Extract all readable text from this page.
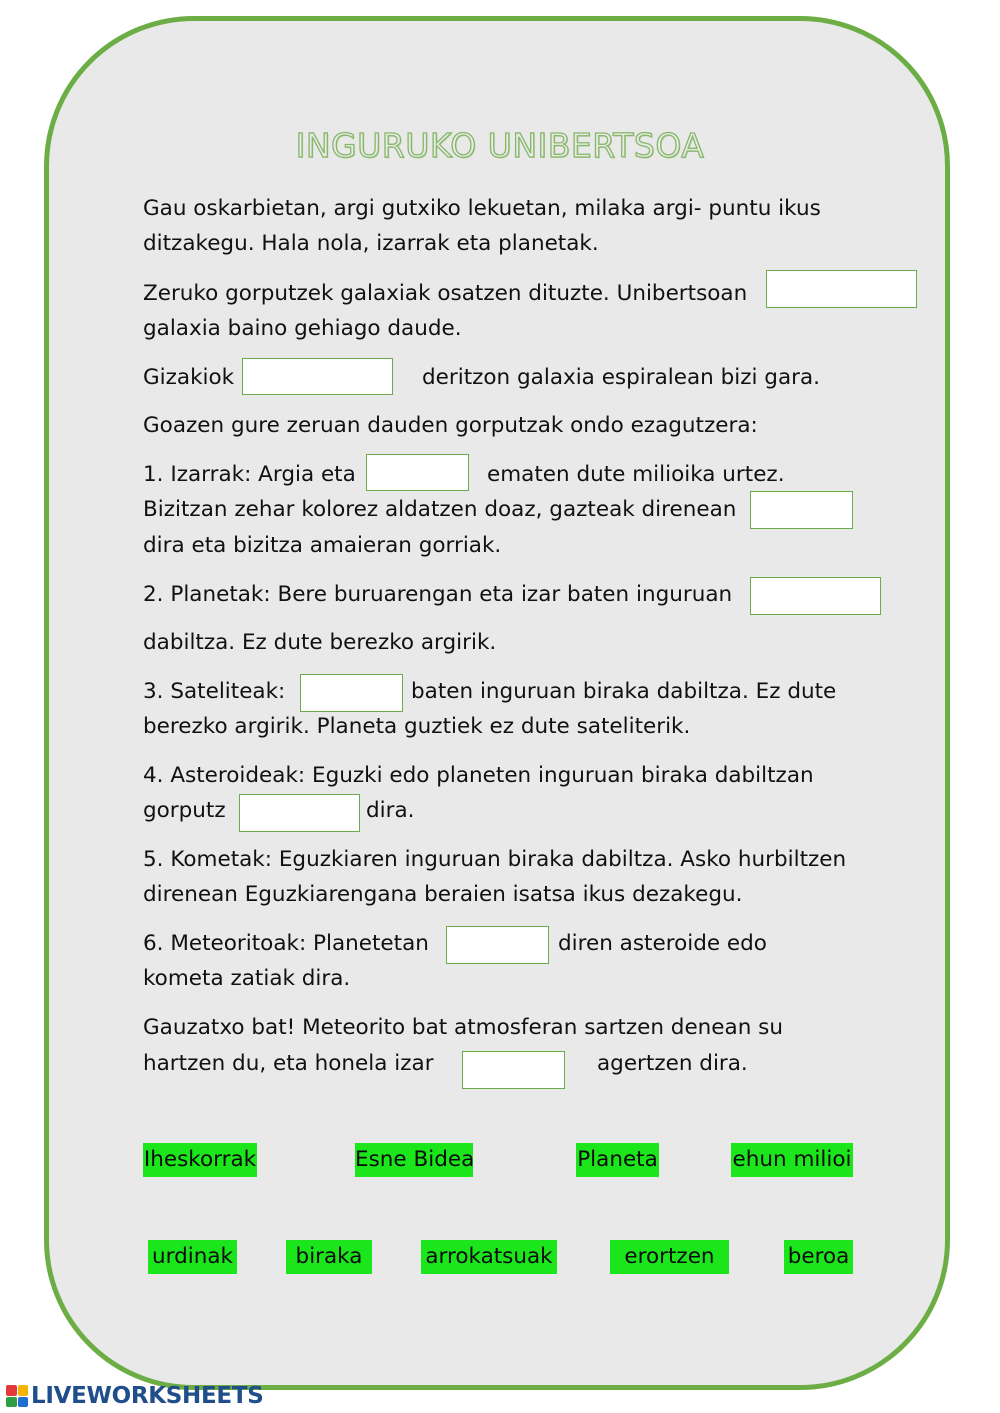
INGURUKO UNIBERTSOA
Gau oskarbietan, argi gutxiko lekuetan, milaka argi- puntu ikus
ditzakegu. Hala nola, izarrak eta planetak.
Zeruko gorputzek galaxiak osatzen dituzte. Unibertsoan
galaxia baino gehiago daude.
Gizakiok	deritzon galaxia espiralean bizi gara.
Goazen gure zeruan dauden gorputzak ondo ezagutzera:
1. Izarrak: Argia eta	ematen dute milioika urtez.
Bizitzan zehar kolorez aldatzen doaz, gazteak direnean
dira eta bizitza amaieran gorriak.
2. Planetak: Bere buruarengan eta izar baten inguruan
dabiltza. Ez dute berezko argirik.
3. Sateliteak:	baten inguruan biraka dabiltza. Ez dute
berezko argirik. Planeta guztiek ez dute sateliterik.
4. Asteroideak: Eguzki edo planeten inguruan biraka dabiltzan
gorputz	dira.
5. Kometak: Eguzkiaren inguruan biraka dabiltza. Asko hurbiltzen
direnean Eguzkiarengana beraien isatsa ikus dezakegu.
6. Meteoritoak: Planetetan	diren asteroide edo
kometa zatiak dira.
Gauzatxo bat! Meteorito bat atmosferan sartzen denean su
hartzen du, eta honela izar	agertzen dira.
Iheskorrak	Esne Bidea	Planeta	ehun milioi
urdinak	biraka	arrokatsuak	erortzen	beroa
LIVEWORKSHEETS
